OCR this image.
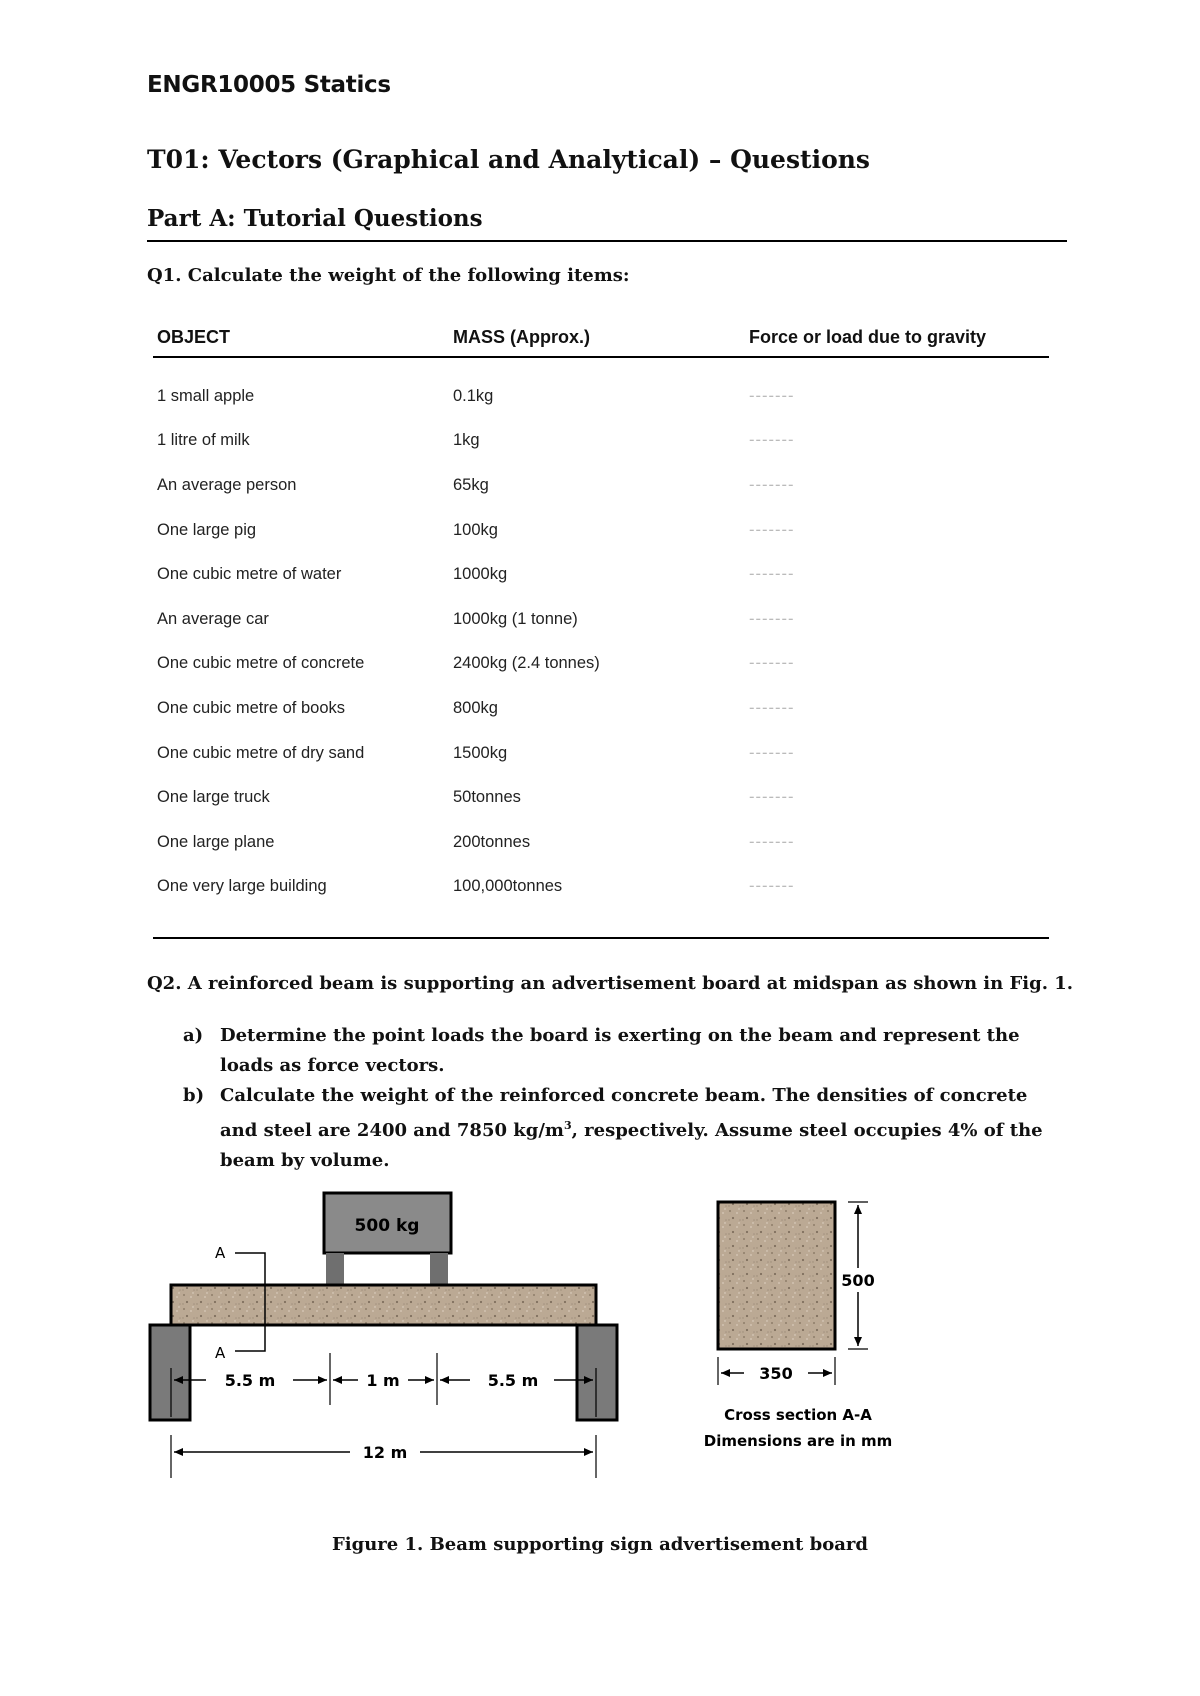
ENGR10005 Statics
T01: Vectors (Graphical and Analytical) – Questions
Part A: Tutorial Questions
Q1. Calculate the weight of the following items:
OBJECT	MASS (Approx.)	Force or load due to gravity
1 small apple	0.1kg	-------
1 litre of milk	1kg	-------
An average person	65kg	-------
One large pig	100kg	-------
One cubic metre of water	1000kg	-------
An average car	1000kg (1 tonne)	-------
One cubic metre of concrete	2400kg (2.4 tonnes)	-------
One cubic metre of books	800kg	-------
One cubic metre of dry sand	1500kg	-------
One large truck	50tonnes	-------
One large plane	200tonnes	-------
One very large building	100,000tonnes	-------
Q2. A reinforced beam is supporting an advertisement board at midspan as shown in Fig. 1.
a) Determine the point loads the board is exerting on the beam and represent the loads as force vectors.
b) Calculate the weight of the reinforced concrete beam. The densities of concrete and steel are 2400 and 7850 $kg/m^3$, respectively. Assume steel occupies 4% of the beam by volume.
500 kg
A
A
5.5 m	1 m	5.5 m
12 m
500
350
Cross section A-A
Dimensions are in mm
Figure 1. Beam supporting sign advertisement board
